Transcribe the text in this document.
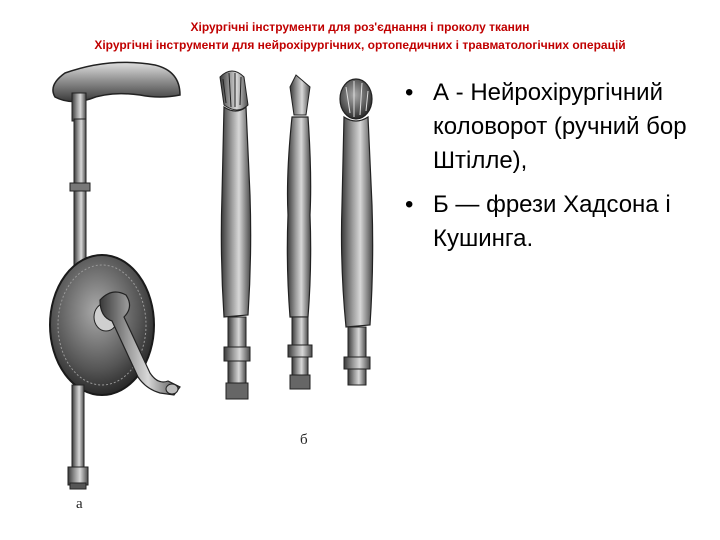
Хірургічні інструменти для роз'єднання і проколу тканин
Хірургічні інструменти для нейрохірургічних, ортопедичних і травматологічних операцій
а
б
• А - Нейрохірургічний коловорот (ручний бор Штілле),
• Б — фрези Хадсона і Кушинга.
